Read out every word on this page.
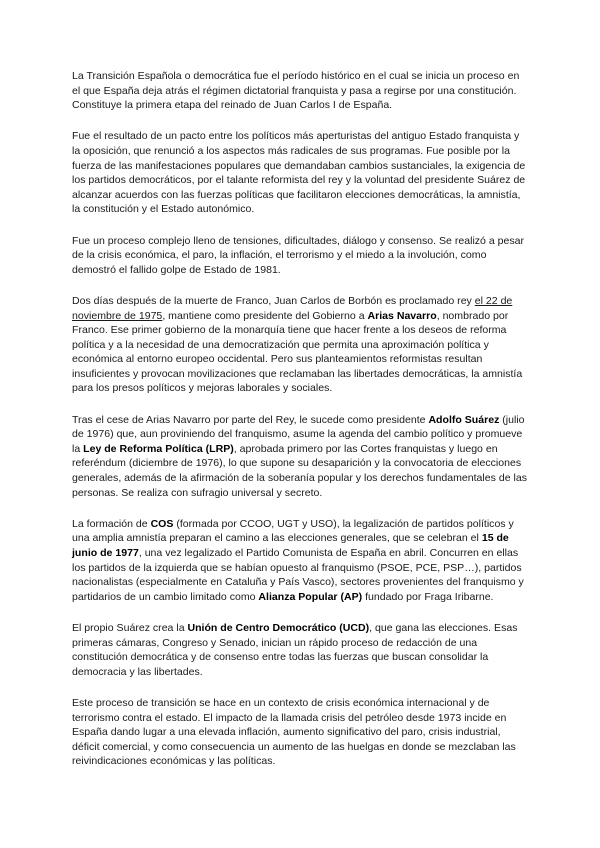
La Transición Española o democrática fue el período histórico en el cual se inicia un proceso en el que España deja atrás el régimen dictatorial franquista y pasa a regirse por una constitución. Constituye la primera etapa del reinado de Juan Carlos I de España.

Fue el resultado de un pacto entre los políticos más aperturistas del antiguo Estado franquista y la oposición, que renunció a los aspectos más radicales de sus programas. Fue posible por la fuerza de las manifestaciones populares que demandaban cambios sustanciales, la exigencia de los partidos democráticos, por el talante reformista del rey y la voluntad del presidente Suárez de alcanzar acuerdos con las fuerzas políticas que facilitaron elecciones democráticas, la amnistía, la constitución y el Estado autonómico.

Fue un proceso complejo lleno de tensiones, dificultades, diálogo y consenso. Se realizó a pesar de la crisis económica, el paro, la inflación, el terrorismo y el miedo a la involución, como demostró el fallido golpe de Estado de 1981.

Dos días después de la muerte de Franco, Juan Carlos de Borbón es proclamado rey el 22 de noviembre de 1975, mantiene como presidente del Gobierno a Arias Navarro, nombrado por Franco. Ese primer gobierno de la monarquía tiene que hacer frente a los deseos de reforma política y a la necesidad de una democratización que permita una aproximación política y económica al entorno europeo occidental. Pero sus planteamientos reformistas resultan insuficientes y provocan movilizaciones que reclamaban las libertades democráticas, la amnistía para los presos políticos y mejoras laborales y sociales.

Tras el cese de Arias Navarro por parte del Rey, le sucede como presidente Adolfo Suárez (julio de 1976) que, aun proviniendo del franquismo, asume la agenda del cambio político y promueve la Ley de Reforma Política (LRP), aprobada primero por las Cortes franquistas y luego en referéndum (diciembre de 1976), lo que supone su desaparición y la convocatoria de elecciones generales, además de la afirmación de la soberanía popular y los derechos fundamentales de las personas. Se realiza con sufragio universal y secreto.

La formación de COS (formada por CCOO, UGT y USO), la legalización de partidos políticos y una amplia amnistía preparan el camino a las elecciones generales, que se celebran el 15 de junio de 1977, una vez legalizado el Partido Comunista de España en abril. Concurren en ellas los partidos de la izquierda que se habían opuesto al franquismo (PSOE, PCE, PSP…), partidos nacionalistas (especialmente en Cataluña y País Vasco), sectores provenientes del franquismo y partidarios de un cambio limitado como Alianza Popular (AP) fundado por Fraga Iribarne.

El propio Suárez crea la Unión de Centro Democrático (UCD), que gana las elecciones. Esas primeras cámaras, Congreso y Senado, inician un rápido proceso de redacción de una constitución democrática y de consenso entre todas las fuerzas que buscan consolidar la democracia y las libertades.

Este proceso de transición se hace en un contexto de crisis económica internacional y de terrorismo contra el estado. El impacto de la llamada crisis del petróleo desde 1973 incide en España dando lugar a una elevada inflación, aumento significativo del paro, crisis industrial, déficit comercial, y como consecuencia un aumento de las huelgas en donde se mezclaban las reivindicaciones económicas y las políticas.
